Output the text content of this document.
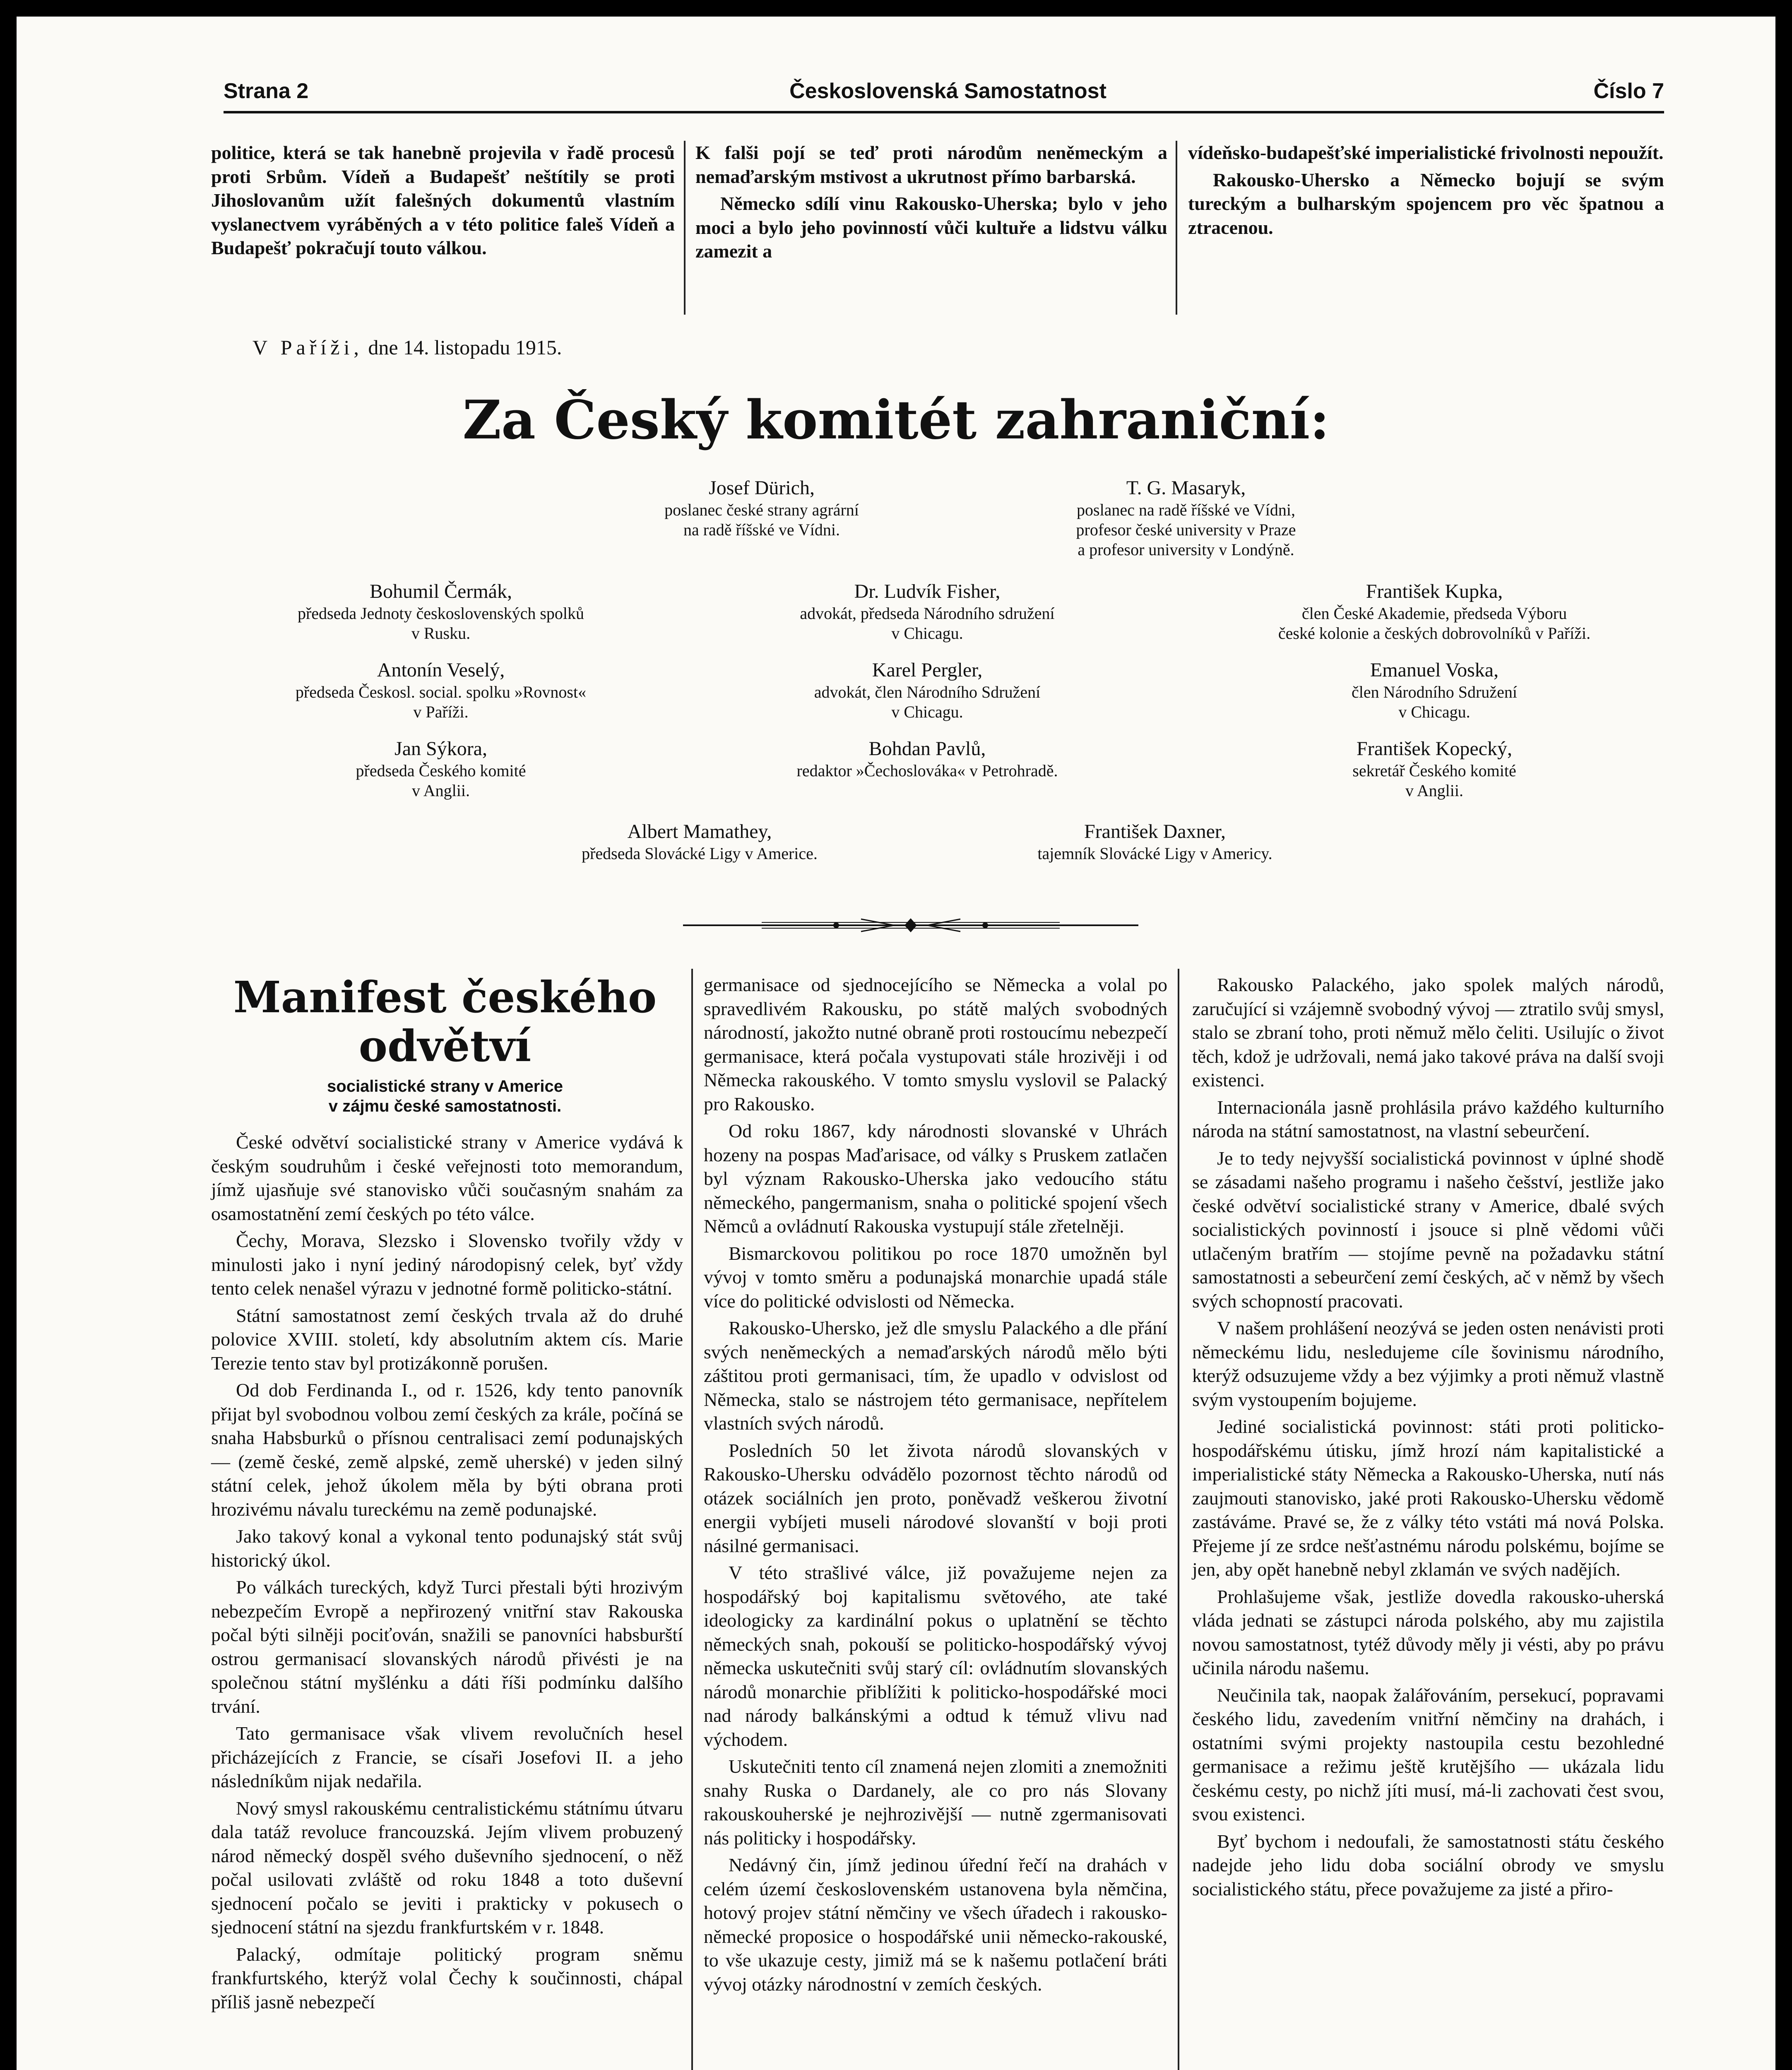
Strana 2	Československá Samostatnost	Číslo 7

politice, která se tak hanebně projevila v řadě procesů proti Srbům. Vídeň a Budapešť neštítily se proti Jihoslovanům užít falešných dokumentů vlastním vyslanectvem vyráběných a v této politice faleš Vídeň a Budapešť pokračují touto válkou.

K falši pojí se teď proti národům neněmeckým a nemaďarským mstivost a ukrutnost přímo barbarská.

Německo sdílí vinu Rakousko-Uherska; bylo v jeho moci a bylo jeho povinností vůči kultuře a lidstvu válku zamezit a

vídeňsko-budapešťské imperialistické frivolnosti nepoužít.

Rakousko-Uhersko a Německo bojují se svým tureckým a bulharským spojencem pro věc špatnou a ztracenou.

V Paříži, dne 14. listopadu 1915.
Za Český komitét zahraniční:
Josef Dürich,
poslanec české strany agrární
na radě říšské ve Vídni.
T. G. Masaryk,
poslanec na radě říšské ve Vídni,
profesor české university v Praze
a profesor university v Londýně.
Bohumil Čermák,
předseda Jednoty československých spolků
v Rusku.
Dr. Ludvík Fisher,
advokát, předseda Národního sdružení
v Chicagu.
František Kupka,
člen České Akademie, předseda Výboru
české kolonie a českých dobrovolníků v Paříži.
Antonín Veselý,
předseda Českosl. social. spolku »Rovnost«
v Paříži.
Karel Pergler,
advokát, člen Národního Sdružení
v Chicagu.
Emanuel Voska,
člen Národního Sdružení
v Chicagu.
Jan Sýkora,
předseda Českého komité
v Anglii.
Bohdan Pavlů,
redaktor »Čechoslováka« v Petrohradě.
František Kopecký,
sekretář Českého komité
v Anglii.
Albert Mamathey,
předseda Slovácké Ligy v Americe.
František Daxner,
tajemník Slovácké Ligy v Americy.
Manifest českého
odvětví
socialistické strany v Americe
v zájmu české samostatnosti.

České odvětví socialistické strany v Americe vydává k českým soudruhům i české veřejnosti toto memorandum, jímž ujasňuje své stanovisko vůči současným snahám za osamostatnění zemí českých po této válce.

Čechy, Morava, Slezsko i Slovensko tvořily vždy v minulosti jako i nyní jediný národopisný celek, byť vždy tento celek nenašel výrazu v jednotné formě politicko-státní.

Státní samostatnost zemí českých trvala až do druhé polovice XVIII. století, kdy absolutním aktem cís. Marie Terezie tento stav byl protizákonně porušen.

Od dob Ferdinanda I., od r. 1526, kdy tento panovník přijat byl svobodnou volbou zemí českých za krále, počíná se snaha Habsburků o přísnou centralisaci zemí podunajských — (země české, země alpské, země uherské) v jeden silný státní celek, jehož úkolem měla by býti obrana proti hrozivému návalu tureckému na země podunajské.

Jako takový konal a vykonal tento podunajský stát svůj historický úkol.

Po válkách tureckých, když Turci přestali býti hrozivým nebezpečím Evropě a nepřirozený vnitřní stav Rakouska počal býti silněji pociťován, snažili se panovníci habsburští ostrou germanisací slovanských národů přivésti je na společnou státní myšlénku a dáti říši podmínku dalšího trvání.

Tato germanisace však vlivem revolučních hesel přicházejících z Francie, se císaři Josefovi II. a jeho následníkům nijak nedařila.

Nový smysl rakouskému centralistickému státnímu útvaru dala tatáž revoluce francouzská. Jejím vlivem probuzený národ německý dospěl svého duševního sjednocení, o něž počal usilovati zvláště od roku 1848 a toto duševní sjednocení počalo se jeviti i prakticky v pokusech o sjednocení státní na sjezdu frankfurtském v r. 1848.

Palacký, odmítaje politický program sněmu frankfurtského, kterýž volal Čechy k součinnosti, chápal příliš jasně nebezpečí

germanisace od sjednocejícího se Německa a volal po spravedlivém Rakousku, po státě malých svobodných národností, jakožto nutné obraně proti rostoucímu nebezpečí germanisace, která počala vystupovati stále hrozivěji i od Německa rakouského. V tomto smyslu vyslovil se Palacký pro Rakousko.

Od roku 1867, kdy národnosti slovanské v Uhrách hozeny na pospas Maďarisace, od války s Pruskem zatlačen byl význam Rakousko-Uherska jako vedoucího státu německého, pangermanism, snaha o politické spojení všech Němců a ovládnutí Rakouska vystupují stále zřetelněji.

Bismarckovou politikou po roce 1870 umožněn byl vývoj v tomto směru a podunajská monarchie upadá stále více do politické odvislosti od Německa.

Rakousko-Uhersko, jež dle smyslu Palackého a dle přání svých neněmeckých a nemaďarských národů mělo býti záštitou proti germanisaci, tím, že upadlo v odvislost od Německa, stalo se nástrojem této germanisace, nepřítelem vlastních svých národů.

Posledních 50 let života národů slovanských v Rakousko-Uhersku odvádělo pozornost těchto národů od otázek sociálních jen proto, poněvadž veškerou životní energii vybíjeti museli národové slovanští v boji proti násilné germanisaci.

V této strašlivé válce, již považujeme nejen za hospodářský boj kapitalismu světového, ate také ideologicky za kardinální pokus o uplatnění se těchto německých snah, pokouší se politicko-hospodářský vývoj německa uskutečniti svůj starý cíl: ovládnutím slovanských národů monarchie přiblížiti k politicko-hospodářské moci nad národy balkánskými a odtud k témuž vlivu nad východem.

Uskutečniti tento cíl znamená nejen zlomiti a znemožniti snahy Ruska o Dardanely, ale co pro nás Slovany rakouskouherské je nejhrozivější — nutně zgermanisovati nás politicky i hospodářsky.

Nedávný čin, jímž jedinou úřední řečí na drahách v celém území československém ustanovena byla němčina, hotový projev státní němčiny ve všech úřadech i rakousko-německé proposice o hospodářské unii německo-rakouské, to vše ukazuje cesty, jimiž má se k našemu potlačení bráti vývoj otázky národnostní v zemích českých.

Rakousko Palackého, jako spolek malých národů, zaručující si vzájemně svobodný vývoj — ztratilo svůj smysl, stalo se zbraní toho, proti němuž mělo čeliti. Usilujíc o život těch, kdož je udržovali, nemá jako takové práva na další svoji existenci.

Internacionála jasně prohlásila právo každého kulturního národa na státní samostatnost, na vlastní sebeurčení.

Je to tedy nejvyšší socialistická povinnost v úplné shodě se zásadami našeho programu i našeho češství, jestliže jako české odvětví socialistické strany v Americe, dbalé svých socialistických povinností i jsouce si plně vědomi vůči utlačeným bratřím — stojíme pevně na požadavku státní samostatnosti a sebeurčení zemí českých, ač v němž by všech svých schopností pracovati.

V našem prohlášení neozývá se jeden osten nenávisti proti německému lidu, nesledujeme cíle šovinismu národního, kterýž odsuzujeme vždy a bez výjimky a proti němuž vlastně svým vystoupením bojujeme.

Jediné socialistická povinnost: státi proti politicko-hospodářskému útisku, jímž hrozí nám kapitalistické a imperialistické státy Německa a Rakousko-Uherska, nutí nás zaujmouti stanovisko, jaké proti Rakousko-Uhersku vědomě zastáváme. Pravé se, že z války této vstáti má nová Polska. Přejeme jí ze srdce nešťastnému národu polskému, bojíme se jen, aby opět hanebně nebyl zklamán ve svých nadějích.

Prohlašujeme však, jestliže dovedla rakousko-uherská vláda jednati se zástupci národa polského, aby mu zajistila novou samostatnost, tytéž důvody měly ji vésti, aby po právu učinila národu našemu.

Neučinila tak, naopak žalářováním, persekucí, popravami českého lidu, zavedením vnitřní němčiny na drahách, i ostatními svými projekty nastoupila cestu bezohledné germanisace a režimu ještě krutějšího — ukázala lidu českému cesty, po nichž jíti musí, má-li zachovati čest svou, svou existenci.

Byť bychom i nedoufali, že samostatnosti státu českého nadejde jeho lidu doba sociální obrody ve smyslu socialistického státu, přece považujeme za jisté a přiro-
